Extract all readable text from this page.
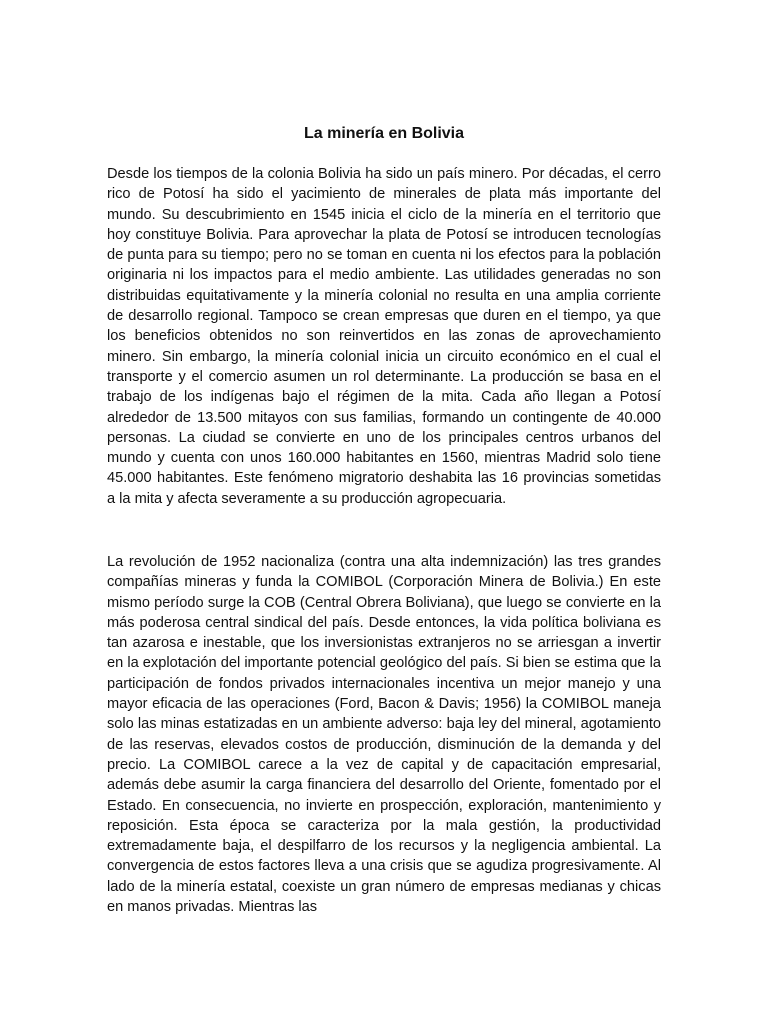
La minería en Bolivia

Desde los tiempos de la colonia Bolivia ha sido un país minero. Por décadas, el cerro rico de Potosí ha sido el yacimiento de minerales de plata más importante del mundo. Su descubrimiento en 1545 inicia el ciclo de la minería en el territorio que hoy constituye Bolivia. Para aprovechar la plata de Potosí se introducen tecnologías de punta para su tiempo; pero no se toman en cuenta ni los efectos para la población originaria ni los impactos para el medio ambiente. Las utilidades generadas no son distribuidas equitativamente y la minería colonial no resulta en una amplia corriente de desarrollo regional. Tampoco se crean empresas que duren en el tiempo, ya que los beneficios obtenidos no son reinvertidos en las zonas de aprovechamiento minero. Sin embargo, la minería colonial inicia un circuito económico en el cual el transporte y el comercio asumen un rol determinante. La producción se basa en el trabajo de los indígenas bajo el régimen de la mita. Cada año llegan a Potosí alrededor de 13.500 mitayos con sus familias, formando un contingente de 40.000 personas. La ciudad se convierte en uno de los principales centros urbanos del mundo y cuenta con unos 160.000 habitantes en 1560, mientras Madrid solo tiene 45.000 habitantes. Este fenómeno migratorio deshabita las 16 provincias sometidas a la mita y afecta severamente a su producción agropecuaria.

La revolución de 1952 nacionaliza (contra una alta indemnización) las tres grandes compañías mineras y funda la COMIBOL (Corporación Minera de Bolivia.) En este mismo período surge la COB (Central Obrera Boliviana), que luego se convierte en la más poderosa central sindical del país. Desde entonces, la vida política boliviana es tan azarosa e inestable, que los inversionistas extranjeros no se arriesgan a invertir en la explotación del importante potencial geológico del país. Si bien se estima que la participación de fondos privados internacionales incentiva un mejor manejo y una mayor eficacia de las operaciones (Ford, Bacon & Davis; 1956) la COMIBOL maneja solo las minas estatizadas en un ambiente adverso: baja ley del mineral, agotamiento de las reservas, elevados costos de producción, disminución de la demanda y del precio. La COMIBOL carece a la vez de capital y de capacitación empresarial, además debe asumir la carga financiera del desarrollo del Oriente, fomentado por el Estado. En consecuencia, no invierte en prospección, exploración, mantenimiento y reposición. Esta época se caracteriza por la mala gestión, la productividad extremadamente baja, el despilfarro de los recursos y la negligencia ambiental. La convergencia de estos factores lleva a una crisis que se agudiza progresivamente. Al lado de la minería estatal, coexiste un gran número de empresas medianas y chicas en manos privadas. Mientras las
